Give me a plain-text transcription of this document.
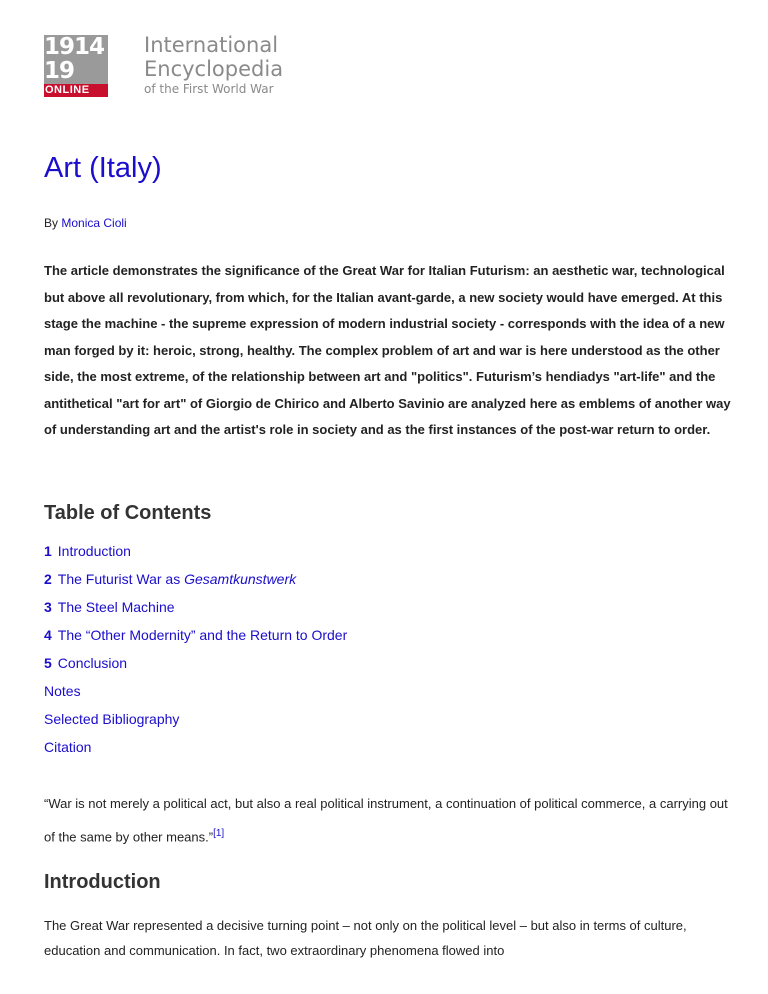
1914
1918
ONLINE
International
Encyclopedia
of the First World War
Art (Italy)
By Monica Cioli

The article demonstrates the significance of the Great War for Italian Futurism: an aesthetic war, technological but above all revolutionary, from which, for the Italian avant-garde, a new society would have emerged. At this stage the machine - the supreme expression of modern industrial society - corresponds with the idea of a new man forged by it: heroic, strong, healthy. The complex problem of art and war is here understood as the other side, the most extreme, of the relationship between art and "politics". Futurism’s hendiadys "art-life" and the antithetical "art for art" of Giorgio de Chirico and Alberto Savinio are analyzed here as emblems of another way of understanding art and the artist's role in society and as the first instances of the post-war return to order.

Table of Contents
1 Introduction
2 The Futurist War as Gesamtkunstwerk
3 The Steel Machine
4 The “Other Modernity” and the Return to Order
5 Conclusion
Notes
Selected Bibliography
Citation

“War is not merely a political act, but also a real political instrument, a continuation of political commerce, a carrying out of the same by other means.”[1]

Introduction

The Great War represented a decisive turning point – not only on the political level – but also in terms of culture, education and communication. In fact, two extraordinary phenomena flowed into
